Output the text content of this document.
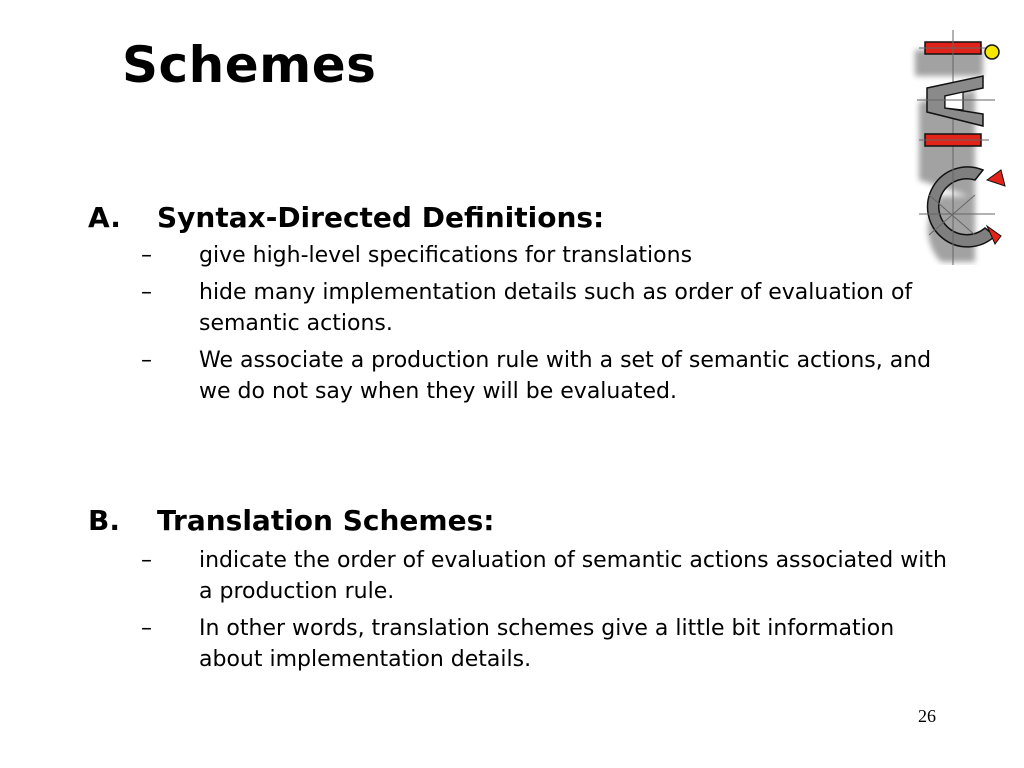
Schemes
A. Syntax-Directed Definitions:
– give high-level specifications for translations
– hide many implementation details such as order of evaluation of semantic actions.
– We associate a production rule with a set of semantic actions, and we do not say when they will be evaluated.
B. Translation Schemes:
– indicate the order of evaluation of semantic actions associated with a production rule.
– In other words, translation schemes give a little bit information about implementation details.
26
